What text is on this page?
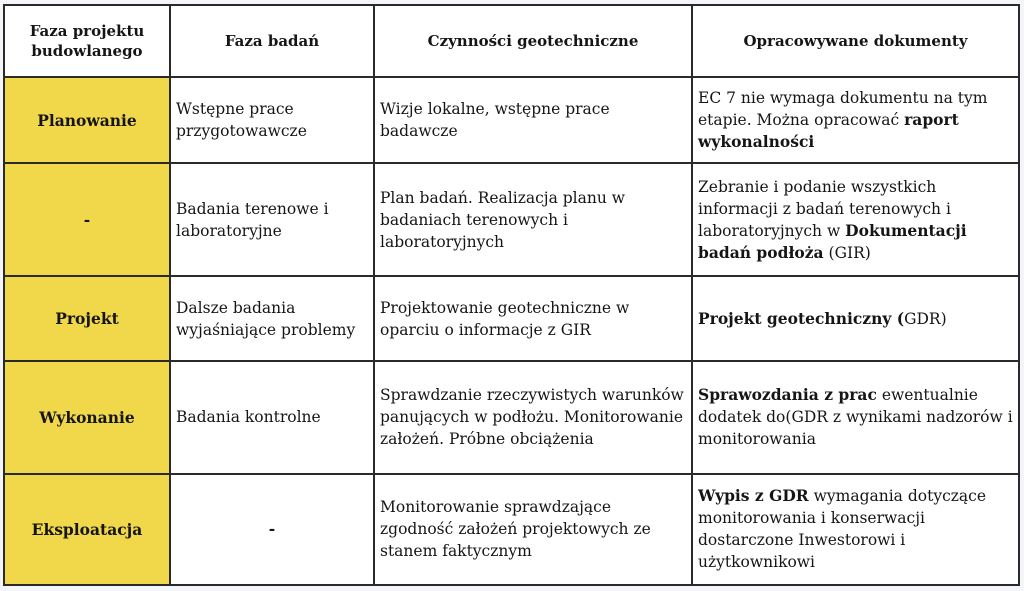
Faza projektu budowlanego	Faza badań	Czynności geotechniczne	Opracowywane dokumenty
Planowanie	Wstępne prace przygotowawcze	Wizje lokalne, wstępne prace badawcze	EC 7 nie wymaga dokumentu na tym etapie. Można opracować raport wykonalności
-	Badania terenowe i laboratoryjne	Plan badań. Realizacja planu w badaniach terenowych i laboratoryjnych	Zebranie i podanie wszystkich informacji z badań terenowych i laboratoryjnych w Dokumentacji badań podłoża (GIR)
Projekt	Dalsze badania wyjaśniające problemy	Projektowanie geotechniczne w oparciu o informacje z GIR	Projekt geotechniczny (GDR)
Wykonanie	Badania kontrolne	Sprawdzanie rzeczywistych warunków panujących w podłożu. Monitorowanie założeń. Próbne obciążenia	Sprawozdania z prac ewentualnie dodatek do(GDR z wynikami nadzorów i monitorowania
Eksploatacja	-	Monitorowanie sprawdzające zgodność założeń projektowych ze stanem faktycznym	Wypis z GDR wymagania dotyczące monitorowania i konserwacji dostarczone Inwestorowi i użytkownikowi
